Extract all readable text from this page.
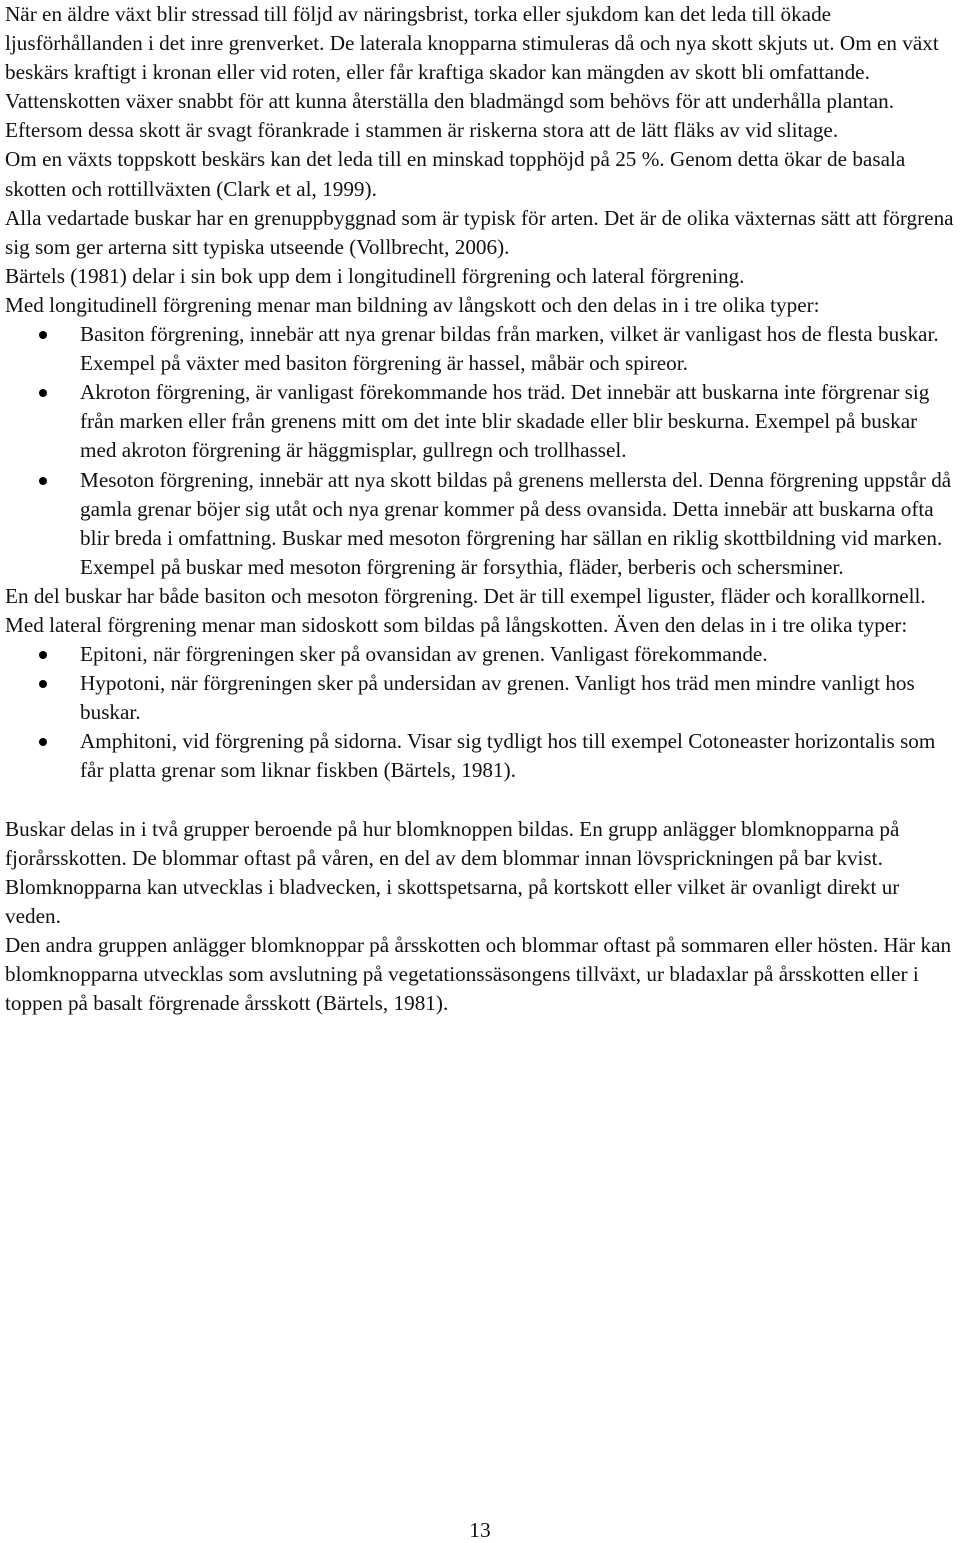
När en äldre växt blir stressad till följd av näringsbrist, torka eller sjukdom kan det leda till ökade ljusförhållanden i det inre grenverket. De laterala knopparna stimuleras då och nya skott skjuts ut. Om en växt beskärs kraftigt i kronan eller vid roten, eller får kraftiga skador kan mängden av skott bli omfattande.

Vattenskotten växer snabbt för att kunna återställa den bladmängd som behövs för att underhålla plantan. Eftersom dessa skott är svagt förankrade i stammen är riskerna stora att de lätt fläks av vid slitage.

Om en växts toppskott beskärs kan det leda till en minskad topphöjd på 25 %. Genom detta ökar de basala skotten och rottillväxten (Clark et al, 1999).

Alla vedartade buskar har en grenuppbyggnad som är typisk för arten. Det är de olika växternas sätt att förgrena sig som ger arterna sitt typiska utseende (Vollbrecht, 2006).

Bärtels (1981) delar i sin bok upp dem i longitudinell förgrening och lateral förgrening.

Med longitudinell förgrening menar man bildning av långskott och den delas in i tre olika typer:

Basiton förgrening, innebär att nya grenar bildas från marken, vilket är vanligast hos de flesta buskar. Exempel på växter med basiton förgrening är hassel, måbär och spireor.
Akroton förgrening, är vanligast förekommande hos träd. Det innebär att buskarna inte förgrenar sig från marken eller från grenens mitt om det inte blir skadade eller blir beskurna. Exempel på buskar med akroton förgrening är häggmisplar, gullregn och trollhassel.
Mesoton förgrening, innebär att nya skott bildas på grenens mellersta del. Denna förgrening uppstår då gamla grenar böjer sig utåt och nya grenar kommer på dess ovansida. Detta innebär att buskarna ofta blir breda i omfattning. Buskar med mesoton förgrening har sällan en riklig skottbildning vid marken. Exempel på buskar med mesoton förgrening är forsythia, fläder, berberis och schersminer.

En del buskar har både basiton och mesoton förgrening. Det är till exempel liguster, fläder och korallkornell.

Med lateral förgrening menar man sidoskott som bildas på långskotten. Även den delas in i tre olika typer:

Epitoni, när förgreningen sker på ovansidan av grenen. Vanligast förekommande.
Hypotoni, när förgreningen sker på undersidan av grenen. Vanligt hos träd men mindre vanligt hos buskar.
Amphitoni, vid förgrening på sidorna. Visar sig tydligt hos till exempel Cotoneaster horizontalis som får platta grenar som liknar fiskben (Bärtels, 1981).

Buskar delas in i två grupper beroende på hur blomknoppen bildas. En grupp anlägger blomknopparna på fjorårsskotten. De blommar oftast på våren, en del av dem blommar innan lövsprickningen på bar kvist. Blomknopparna kan utvecklas i bladvecken, i skottspetsarna, på kortskott eller vilket är ovanligt direkt ur veden.

Den andra gruppen anlägger blomknoppar på årsskotten och blommar oftast på sommaren eller hösten. Här kan blomknopparna utvecklas som avslutning på vegetationssäsongens tillväxt, ur bladaxlar på årsskotten eller i toppen på basalt förgrenade årsskott (Bärtels, 1981).

13
